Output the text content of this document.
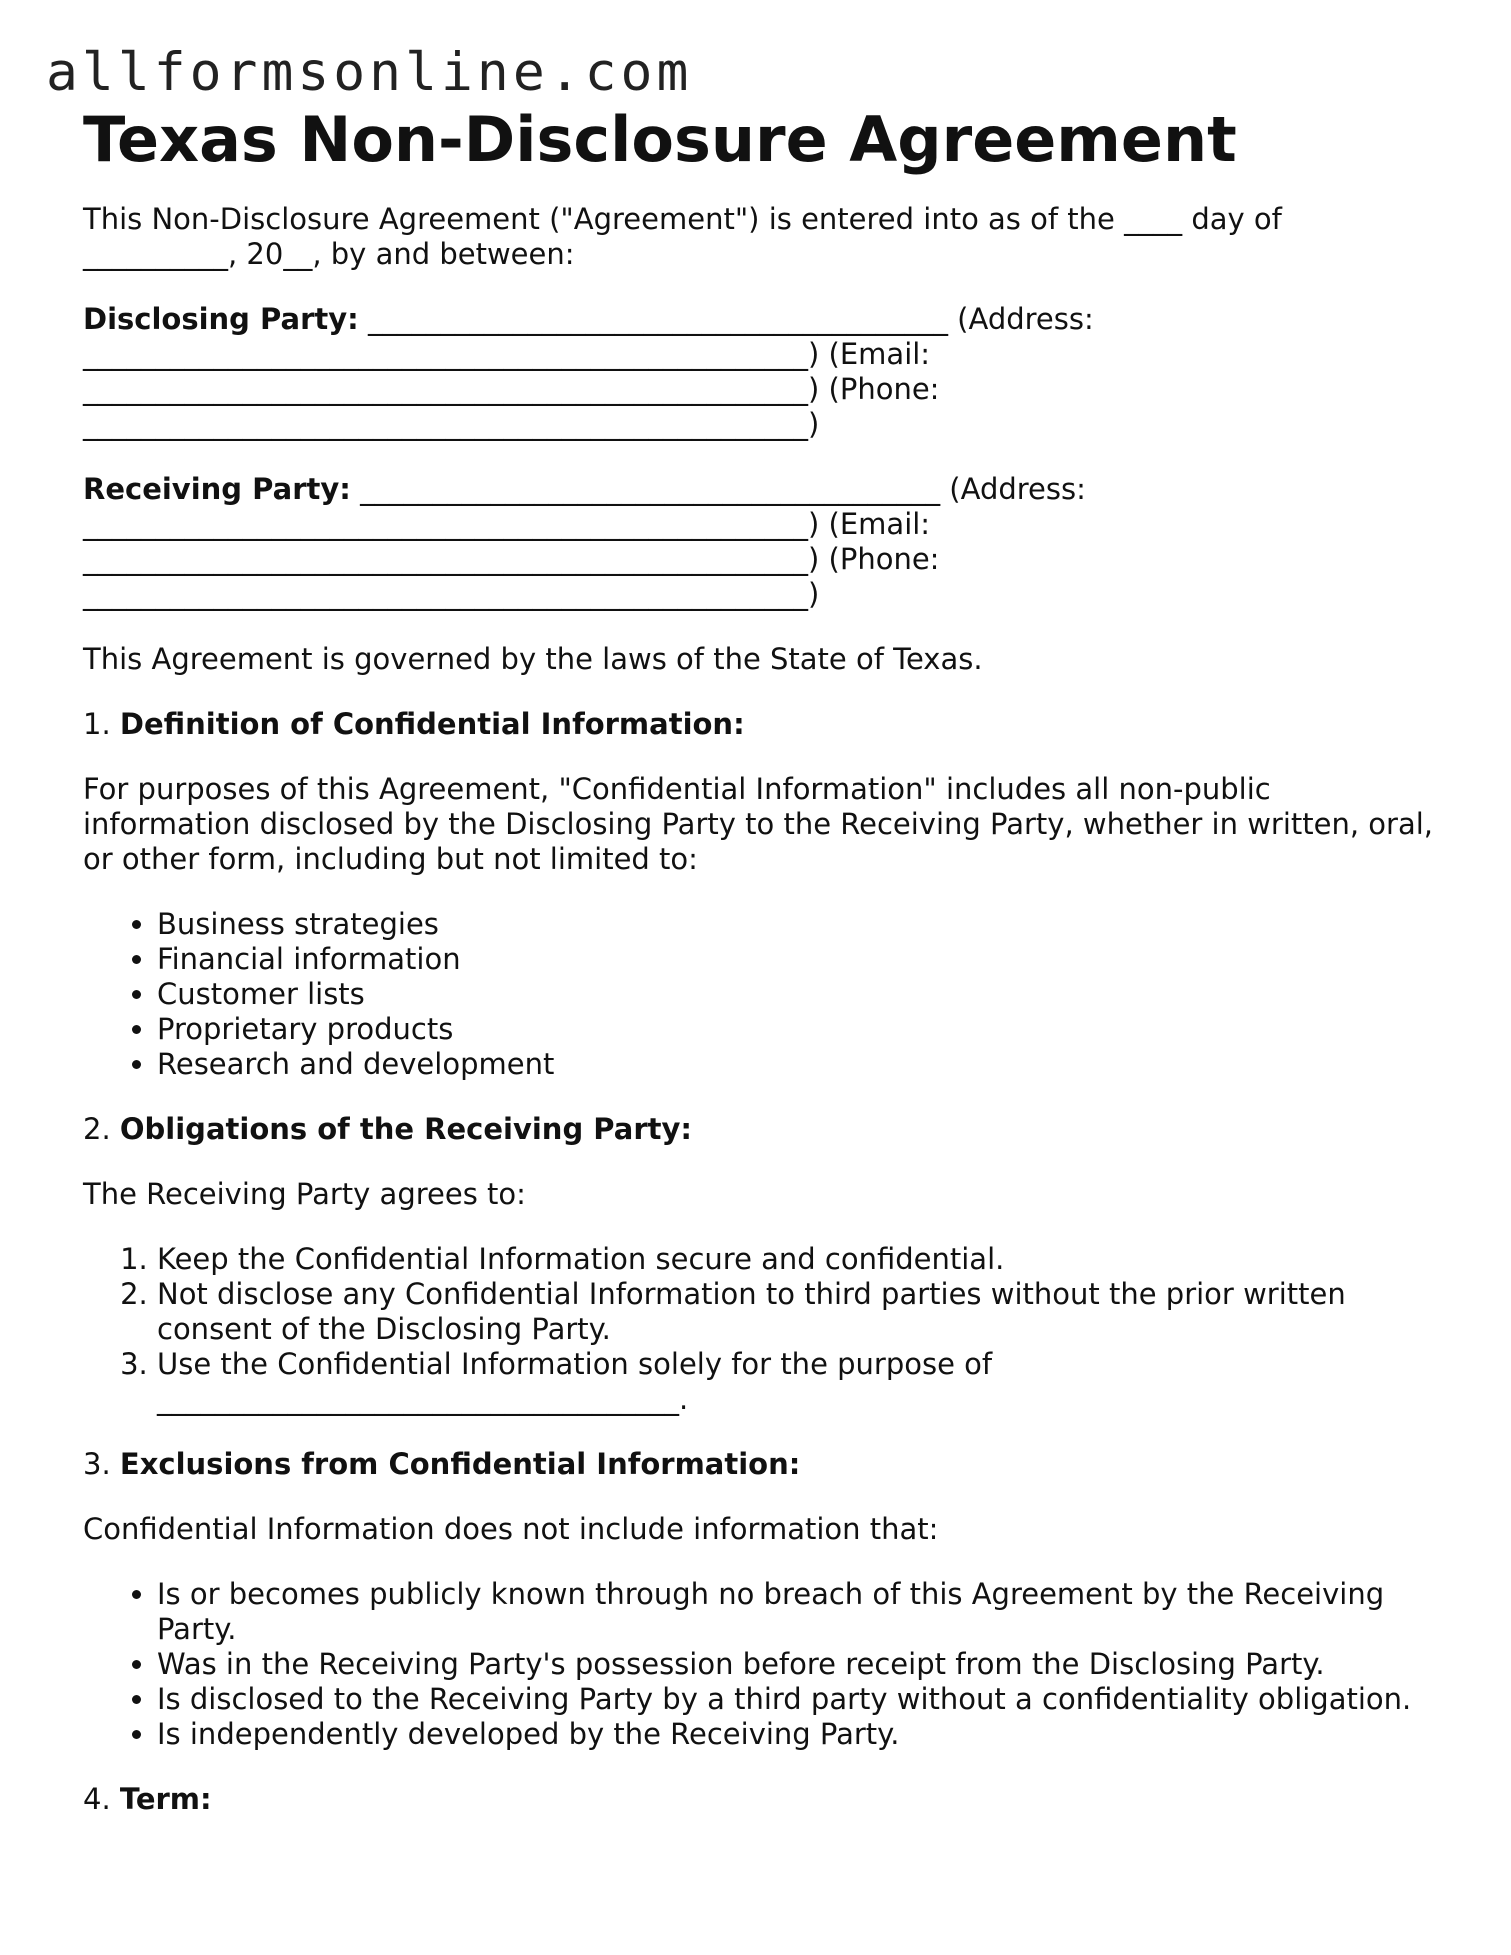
allformsonline.com
Texas Non-Disclosure Agreement

This Non-Disclosure Agreement ("Agreement") is entered into as of the ____ day of
__________, 20__, by and between:

Disclosing Party: ________________________________________ (Address:
__________________________________________________) (Email:
__________________________________________________) (Phone:
__________________________________________________)

Receiving Party: ________________________________________ (Address:
__________________________________________________) (Email:
__________________________________________________) (Phone:
__________________________________________________)

This Agreement is governed by the laws of the State of Texas.

1. Definition of Confidential Information:

For purposes of this Agreement, "Confidential Information" includes all non-public information disclosed by the Disclosing Party to the Receiving Party, whether in written, oral, or other form, including but not limited to:

• Business strategies
• Financial information
• Customer lists
• Proprietary products
• Research and development

2. Obligations of the Receiving Party:

The Receiving Party agrees to:

1. Keep the Confidential Information secure and confidential.
2. Not disclose any Confidential Information to third parties without the prior written consent of the Disclosing Party.
3. Use the Confidential Information solely for the purpose of ____________________________________.

3. Exclusions from Confidential Information:

Confidential Information does not include information that:

• Is or becomes publicly known through no breach of this Agreement by the Receiving Party.
• Was in the Receiving Party's possession before receipt from the Disclosing Party.
• Is disclosed to the Receiving Party by a third party without a confidentiality obligation.
• Is independently developed by the Receiving Party.

4. Term:
